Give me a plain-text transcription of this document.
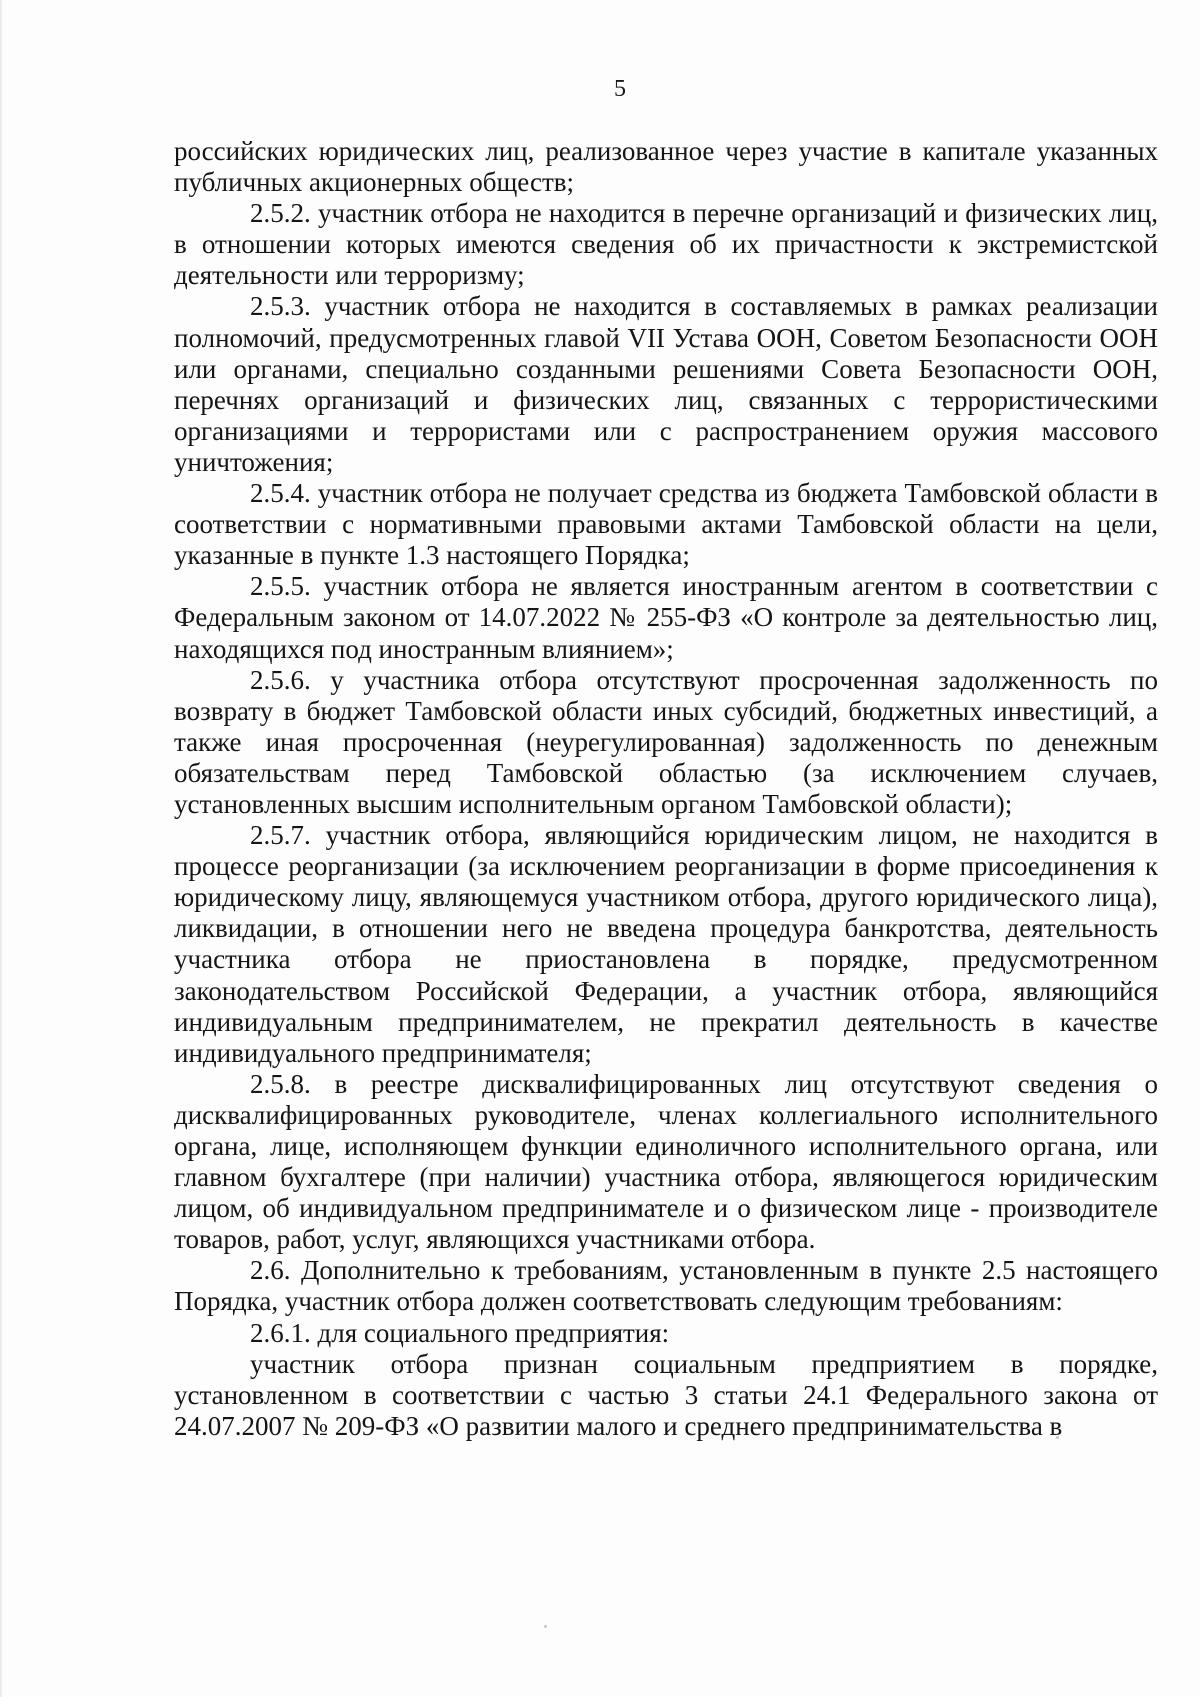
5

российских юридических лиц, реализованное через участие в капитале указанных публичных акционерных обществ;

2.5.2. участник отбора не находится в перечне организаций и физических лиц, в отношении которых имеются сведения об их причастности к экстремистской деятельности или терроризму;

2.5.3. участник отбора не находится в составляемых в рамках реализации полномочий, предусмотренных главой VII Устава ООН, Советом Безопасности ООН или органами, специально созданными решениями Совета Безопасности ООН, перечнях организаций и физических лиц, связанных с террористическими организациями и террористами или с распространением оружия массового уничтожения;

2.5.4. участник отбора не получает средства из бюджета Тамбовской области в соответствии с нормативными правовыми актами Тамбовской области на цели, указанные в пункте 1.3 настоящего Порядка;

2.5.5. участник отбора не является иностранным агентом в соответствии с Федеральным законом от 14.07.2022 № 255-ФЗ «О контроле за деятельностью лиц, находящихся под иностранным влиянием»;

2.5.6. у участника отбора отсутствуют просроченная задолженность по возврату в бюджет Тамбовской области иных субсидий, бюджетных инвестиций, а также иная просроченная (неурегулированная) задолженность по денежным обязательствам перед Тамбовской областью (за исключением случаев, установленных высшим исполнительным органом Тамбовской области);

2.5.7. участник отбора, являющийся юридическим лицом, не находится в процессе реорганизации (за исключением реорганизации в форме присоединения к юридическому лицу, являющемуся участником отбора, другого юридического лица), ликвидации, в отношении него не введена процедура банкротства, деятельность участника отбора не приостановлена в порядке, предусмотренном законодательством Российской Федерации, а участник отбора, являющийся индивидуальным предпринимателем, не прекратил деятельность в качестве индивидуального предпринимателя;

2.5.8. в реестре дисквалифицированных лиц отсутствуют сведения о дисквалифицированных руководителе, членах коллегиального исполнительного органа, лице, исполняющем функции единоличного исполнительного органа, или главном бухгалтере (при наличии) участника отбора, являющегося юридическим лицом, об индивидуальном предпринимателе и о физическом лице - производителе товаров, работ, услуг, являющихся участниками отбора.

2.6. Дополнительно к требованиям, установленным в пункте 2.5 настоящего Порядка, участник отбора должен соответствовать следующим требованиям:

2.6.1. для социального предприятия:

участник отбора признан социальным предприятием в порядке, установленном в соответствии с частью 3 статьи 24.1 Федерального закона от 24.07.2007 № 209-ФЗ «О развитии малого и среднего предпринимательства в
